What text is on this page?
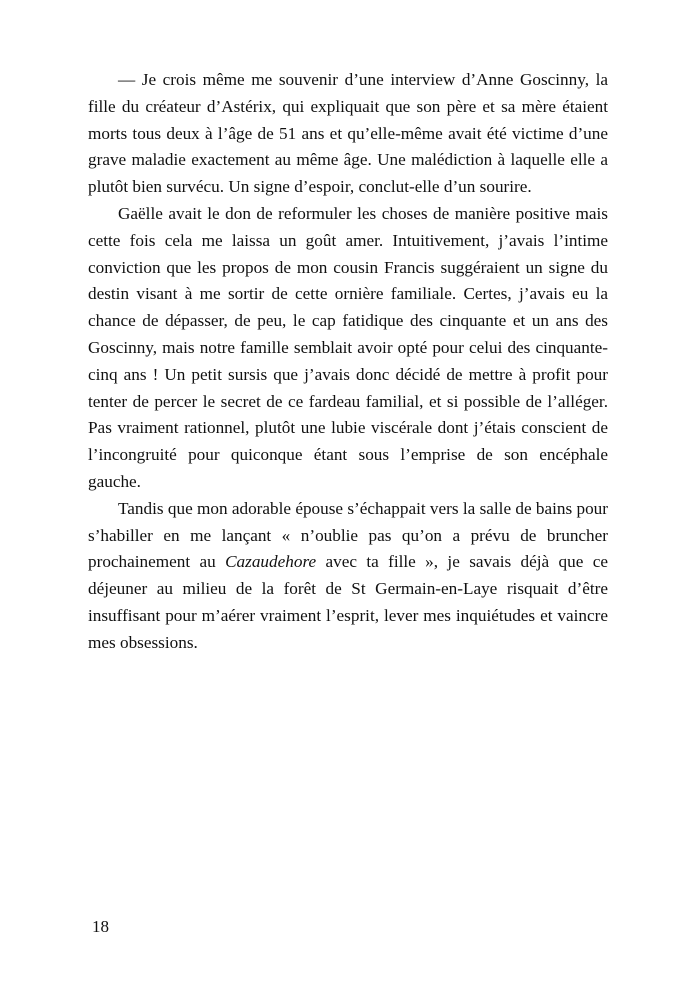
— Je crois même me souvenir d’une interview d’Anne Goscinny, la fille du créateur d’Astérix, qui expliquait que son père et sa mère étaient morts tous deux à l’âge de 51 ans et qu’elle-même avait été victime d’une grave maladie exactement au même âge. Une malédiction à laquelle elle a plutôt bien survécu. Un signe d’espoir, conclut-elle d’un sourire.

Gaëlle avait le don de reformuler les choses de manière positive mais cette fois cela me laissa un goût amer. Intuitivement, j’avais l’intime conviction que les propos de mon cousin Francis suggéraient un signe du destin visant à me sortir de cette ornière familiale. Certes, j’avais eu la chance de dépasser, de peu, le cap fatidique des cinquante et un ans des Goscinny, mais notre famille semblait avoir opté pour celui des cinquante-cinq ans ! Un petit sursis que j’avais donc décidé de mettre à profit pour tenter de percer le secret de ce fardeau familial, et si possible de l’alléger. Pas vraiment rationnel, plutôt une lubie viscérale dont j’étais conscient de l’incongruité pour quiconque étant sous l’emprise de son encéphale gauche.

Tandis que mon adorable épouse s’échappait vers la salle de bains pour s’habiller en me lançant « n’oublie pas qu’on a prévu de bruncher prochainement au Cazaudehore avec ta fille », je savais déjà que ce déjeuner au milieu de la forêt de St Germain-en-Laye risquait d’être insuffisant pour m’aérer vraiment l’esprit, lever mes inquiétudes et vaincre mes obsessions.

18
